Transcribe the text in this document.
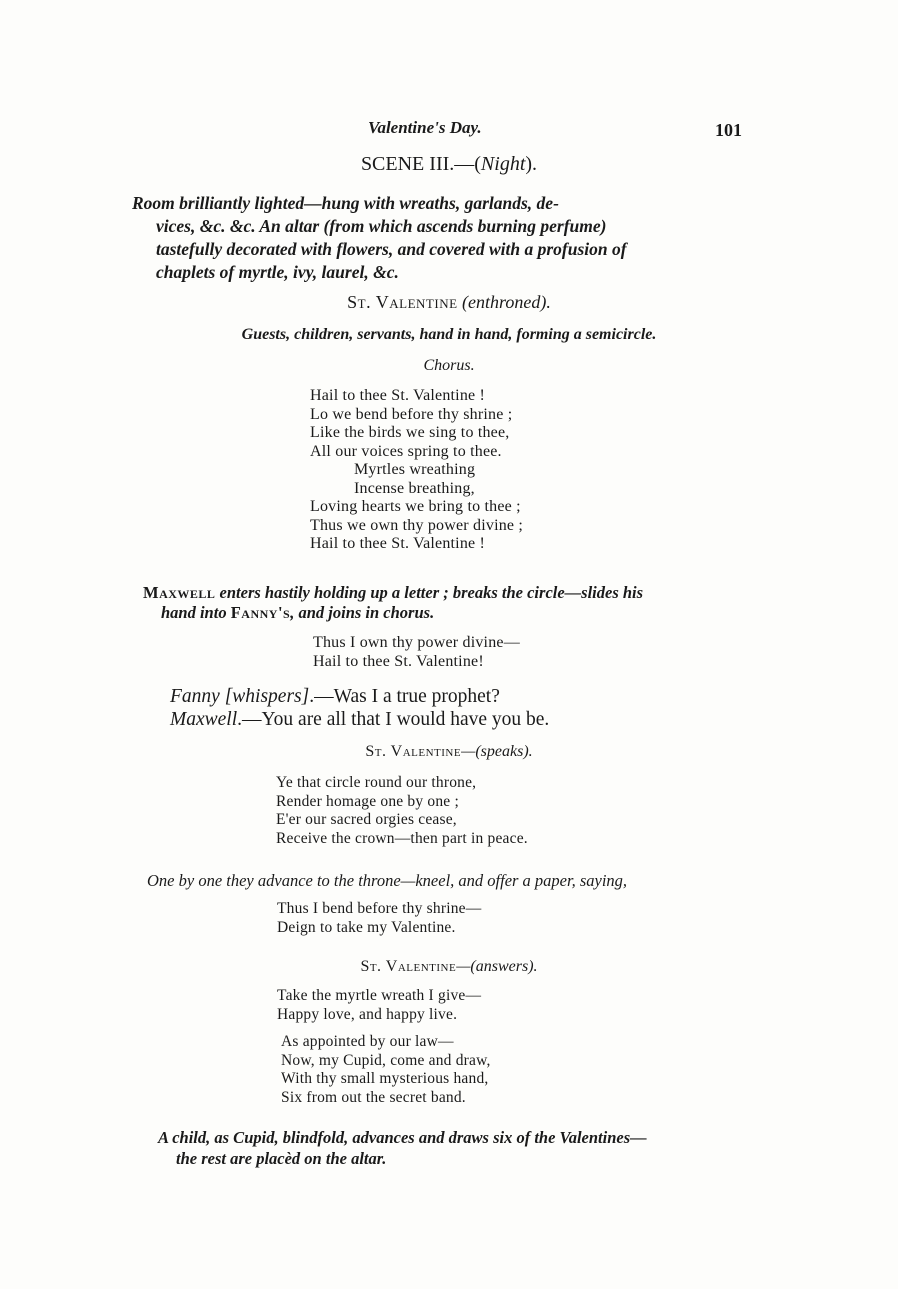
Valentine's Day.	101
SCENE III.—(Night).

Room brilliantly lighted—hung with wreaths, garlands, de-

vices, &c. &c. An altar (from which ascends burning perfume)

tastefully decorated with flowers, and covered with a profusion of

chaplets of myrtle, ivy, laurel, &c.

St. Valentine (enthroned).
Guests, children, servants, hand in hand, forming a semicircle.
Chorus.
Hail to thee St. Valentine !
Lo we bend before thy shrine ;
Like the birds we sing to thee,
All our voices spring to thee.
Myrtles wreathing
Incense breathing,
Loving hearts we bring to thee ;
Thus we own thy power divine ;
Hail to thee St. Valentine !

Maxwell enters hastily holding up a letter ; breaks the circle—slides his

hand into Fanny's, and joins in chorus.

Thus I own thy power divine—
Hail to thee St. Valentine!
Fanny [whispers].—Was I a true prophet?
Maxwell.—You are all that I would have you be.
St. Valentine—(speaks).
Ye that circle round our throne,
Render homage one by one ;
E'er our sacred orgies cease,
Receive the crown—then part in peace.
One by one they advance to the throne—kneel, and offer a paper, saying,
Thus I bend before thy shrine—
Deign to take my Valentine.
St. Valentine—(answers).
Take the myrtle wreath I give—
Happy love, and happy live.
As appointed by our law—
Now, my Cupid, come and draw,
With thy small mysterious hand,
Six from out the secret band.

A child, as Cupid, blindfold, advances and draws six of the Valentines—

the rest are placèd on the altar.
